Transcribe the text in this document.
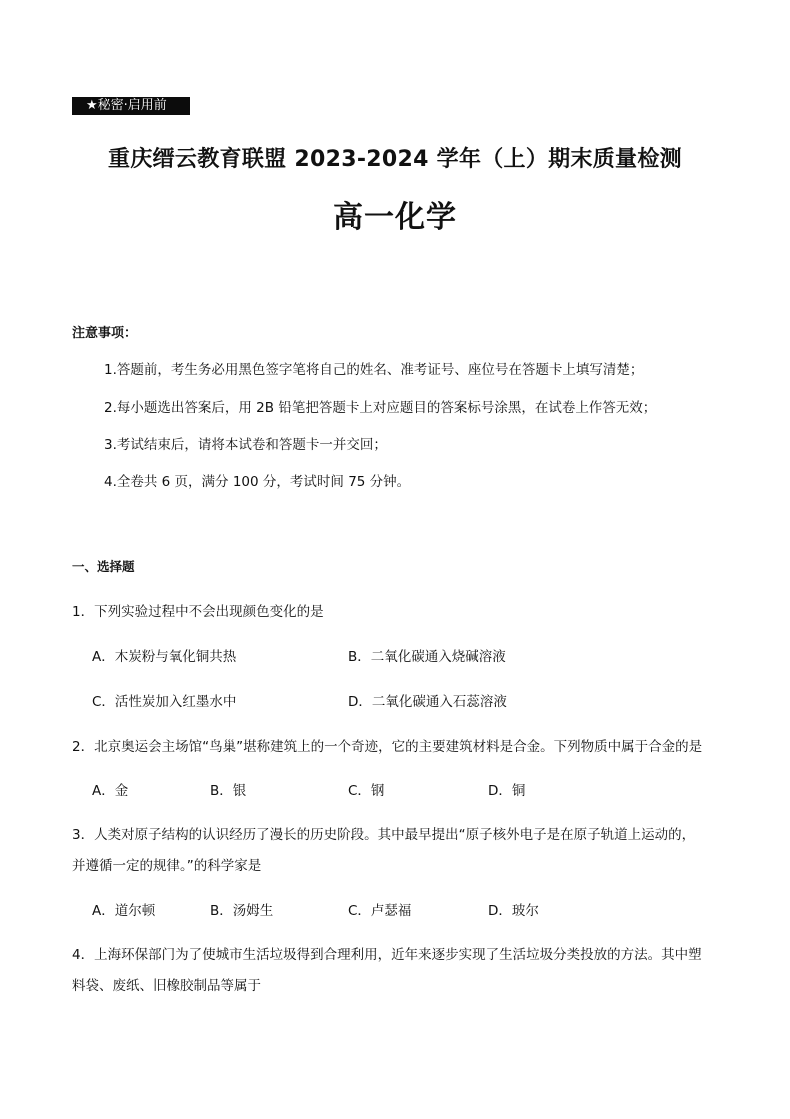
★秘密·启用前
重庆缙云教育联盟 2023-2024 学年（上）期末质量检测
高一化学
注意事项：
1.答题前，考生务必用黑色签字笔将自己的姓名、准考证号、座位号在答题卡上填写清楚；
2.每小题选出答案后，用 2B 铅笔把答题卡上对应题目的答案标号涂黑，在试卷上作答无效；
3.考试结束后，请将本试卷和答题卡一并交回；
4.全卷共 6 页，满分 100 分，考试时间 75 分钟。
一、选择题
1．下列实验过程中不会出现颜色变化的是
A．木炭粉与氧化铜共热	B．二氧化碳通入烧碱溶液
C．活性炭加入红墨水中	D．二氧化碳通入石蕊溶液
2．北京奥运会主场馆“鸟巢”堪称建筑上的一个奇迹，它的主要建筑材料是合金。下列物质中属于合金的是
A．金	B．银	C．钢	D．铜
3．人类对原子结构的认识经历了漫长的历史阶段。其中最早提出“原子核外电子是在原子轨道上运动的，
并遵循一定的规律。”的科学家是
A．道尔顿	B．汤姆生	C．卢瑟福	D．玻尔
4．上海环保部门为了使城市生活垃圾得到合理利用，近年来逐步实现了生活垃圾分类投放的方法。其中塑
料袋、废纸、旧橡胶制品等属于
